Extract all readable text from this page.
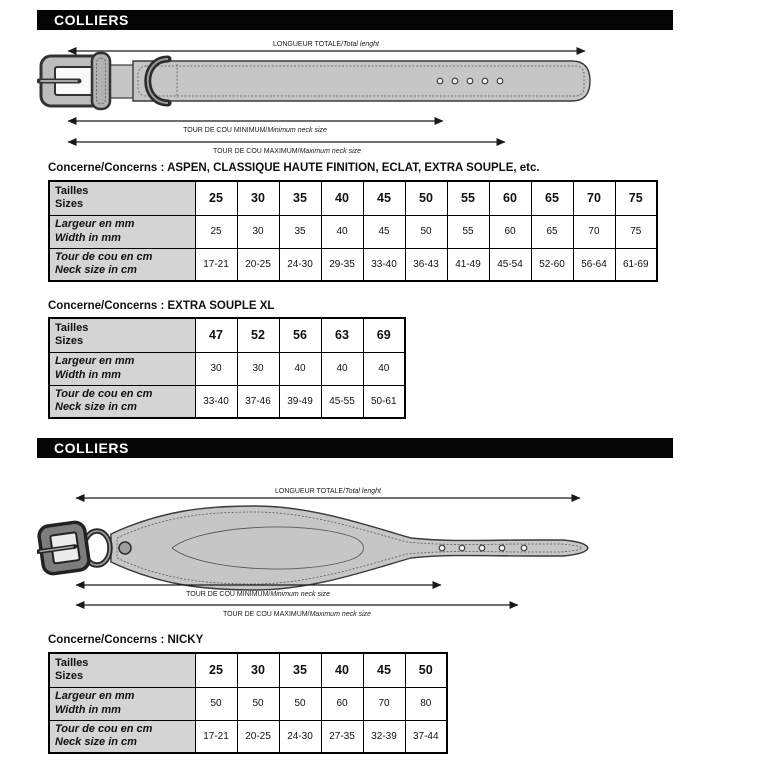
COLLIERS
LONGUEUR TOTALE/Total lenght
TOUR DE COU MINIMUM/Minimum neck size
TOUR DE COU MAXIMUM/Maximum neck size
Concerne/Concerns : ASPEN, CLASSIQUE HAUTE FINITION, ECLAT, EXTRA SOUPLE, etc.
Tailles
Sizes	25	30	35	40	45	50	55	60	65	70	75

Largeur en mm
Width in mm	25	30	35	40	45	50	55	60	65	70	75

Tour de cou en cm
Neck size in cm	17-21	20-25	24-30	29-35	33-40	36-43	41-49	45-54	52-60	56-64	61-69
Concerne/Concerns : EXTRA SOUPLE XL
Tailles
Sizes	47	52	56	63	69

Largeur en mm
Width in mm	30	30	40	40	40

Tour de cou en cm
Neck size in cm	33-40	37-46	39-49	45-55	50-61
COLLIERS
LONGUEUR TOTALE/Total lenght
TOUR DE COU MINIMUM/Minimum neck size
TOUR DE COU MAXIMUM/Maximum neck size
Concerne/Concerns : NICKY
Tailles
Sizes	25	30	35	40	45	50

Largeur en mm
Width in mm	50	50	50	60	70	80

Tour de cou en cm
Neck size in cm	17-21	20-25	24-30	27-35	32-39	37-44
